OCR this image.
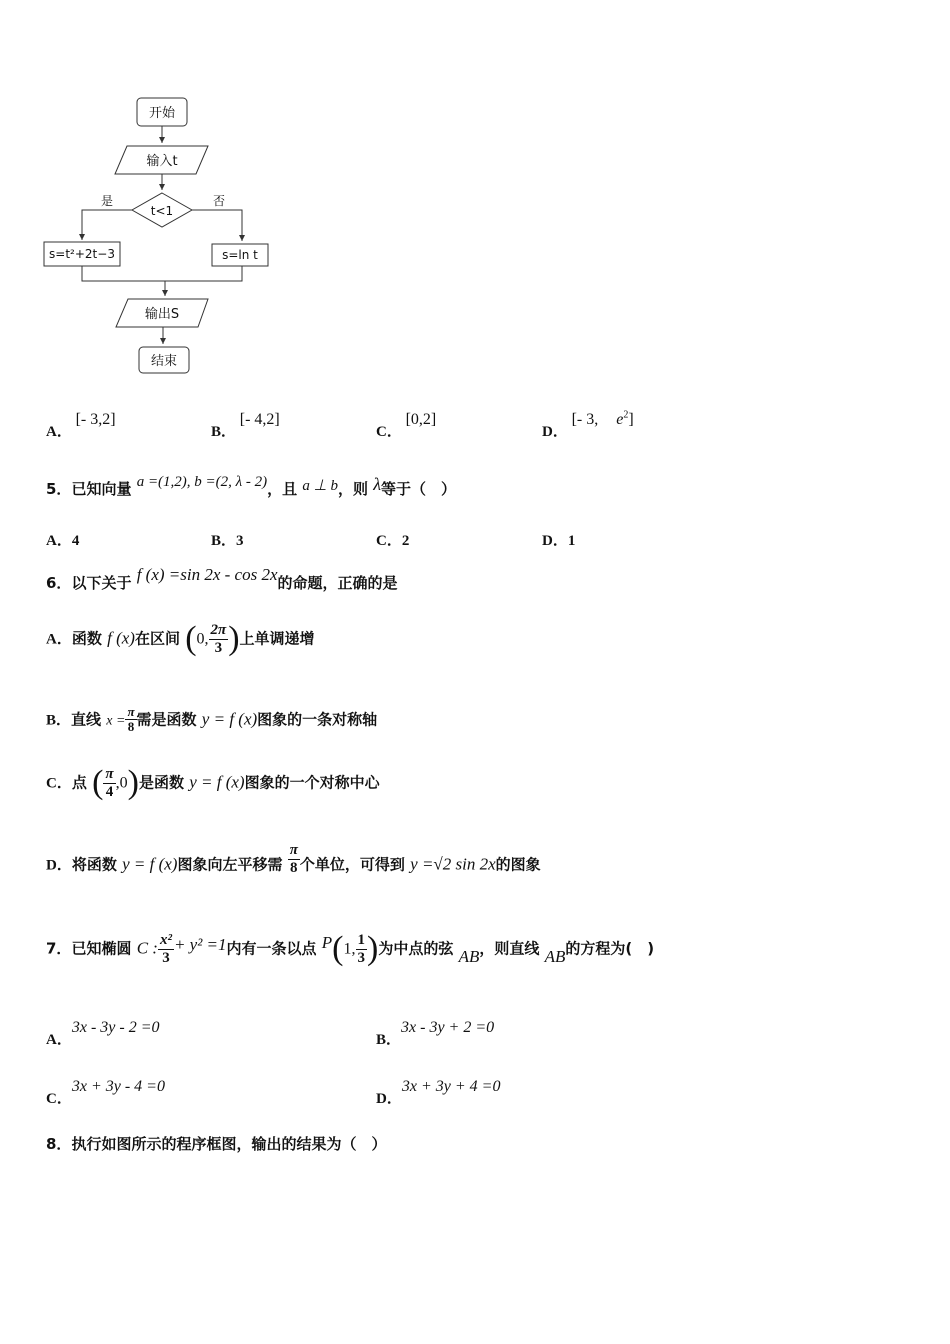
开始
输入t
t<1
是	否
s=t²+2t−3	s=ln t
输出S
结束
A． [- 3,2]
B． [- 4,2]
C． [0,2]
D． [- 3, $e^2$]
5．已知向量 a =(1,2), b =(2, λ - 2)，且 a ⊥ b，则 λ等于（　）
A．4	B．3	C．2	D．1
6．以下关于 f (x) =sin 2x - cos 2x的命题，正确的是
A．函数 f (x)在区间 (0, $\frac{2\pi}{3}$ )上单调递增
B．直线 $x = \frac{\pi}{8}$ 需是函数 y = f (x)图象的一条对称轴
C．点 ( $\frac{\pi}{4} ,0$)是函数 y = f (x)图象的一个对称中心
D．将函数 y = f (x)图象向左平移需 $\frac{\pi}{8}$ 个单位，可得到 y =√2 sin 2x的图象
7．已知椭圆 C : $\frac{\text{x²}}{3} + y^2 =1$内有一条以点 P(1, $\frac{1}{3}$ )为中点的弦 AB，则直线 AB的方程为(　)
A．3x - 3y - 2 =0
B．3x - 3y + 2 =0
C．3x + 3y - 4 =0
D．3x + 3y + 4 =0
8．执行如图所示的程序框图，输出的结果为（　）
